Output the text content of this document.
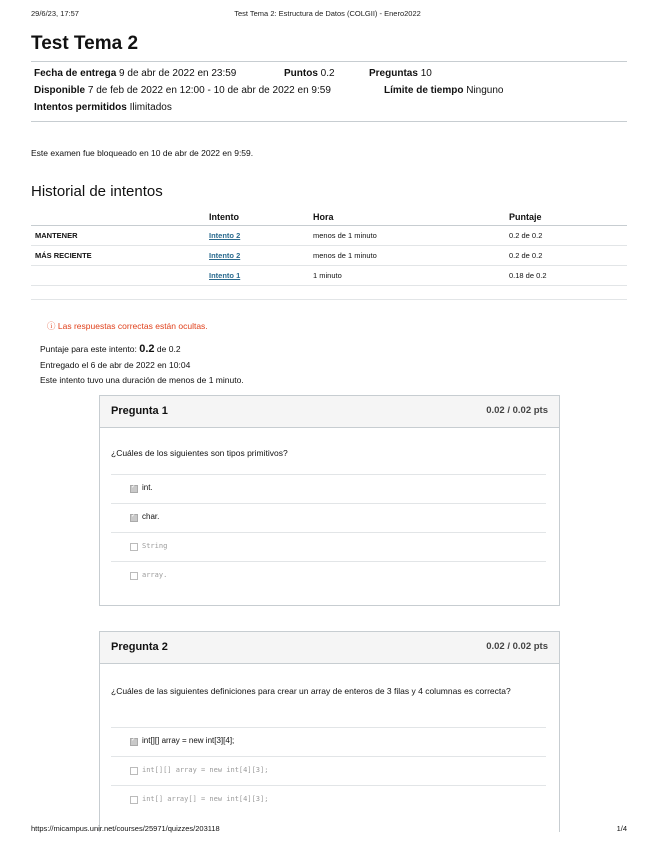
29/6/23, 17:57	Test Tema 2: Estructura de Datos (COLGII) - Enero2022
Test Tema 2
Fecha de entrega 9 de abr de 2022 en 23:59	Puntos 0.2	Preguntas 10
Disponible 7 de feb de 2022 en 12:00 - 10 de abr de 2022 en 9:59	Límite de tiempo Ninguno
Intentos permitidos Ilimitados
Este examen fue bloqueado en 10 de abr de 2022 en 9:59.
Historial de intentos
	Intento	Hora	Puntaje
MANTENER	Intento 2	menos de 1 minuto	0.2 de 0.2
MÁS RECIENTE	Intento 2	menos de 1 minuto	0.2 de 0.2
	Intento 1	1 minuto	0.18 de 0.2
ⓘ Las respuestas correctas están ocultas.
Puntaje para este intento: 0.2 de 0.2
Entregado el 6 de abr de 2022 en 10:04
Este intento tuvo una duración de menos de 1 minuto.
Pregunta 1	0.02 / 0.02 pts
¿Cuáles de los siguientes son tipos primitivos?
✓
int.
✓
char.
String
array.
Pregunta 2	0.02 / 0.02 pts
¿Cuáles de las siguientes definiciones para crear un array de enteros de 3 filas y 4 columnas es correcta?
✓
int[][] array = new int[3][4];
int[][] array = new int[4][3];
int[] array[] = new int[4][3];
https://micampus.unir.net/courses/25971/quizzes/203118	1/4
